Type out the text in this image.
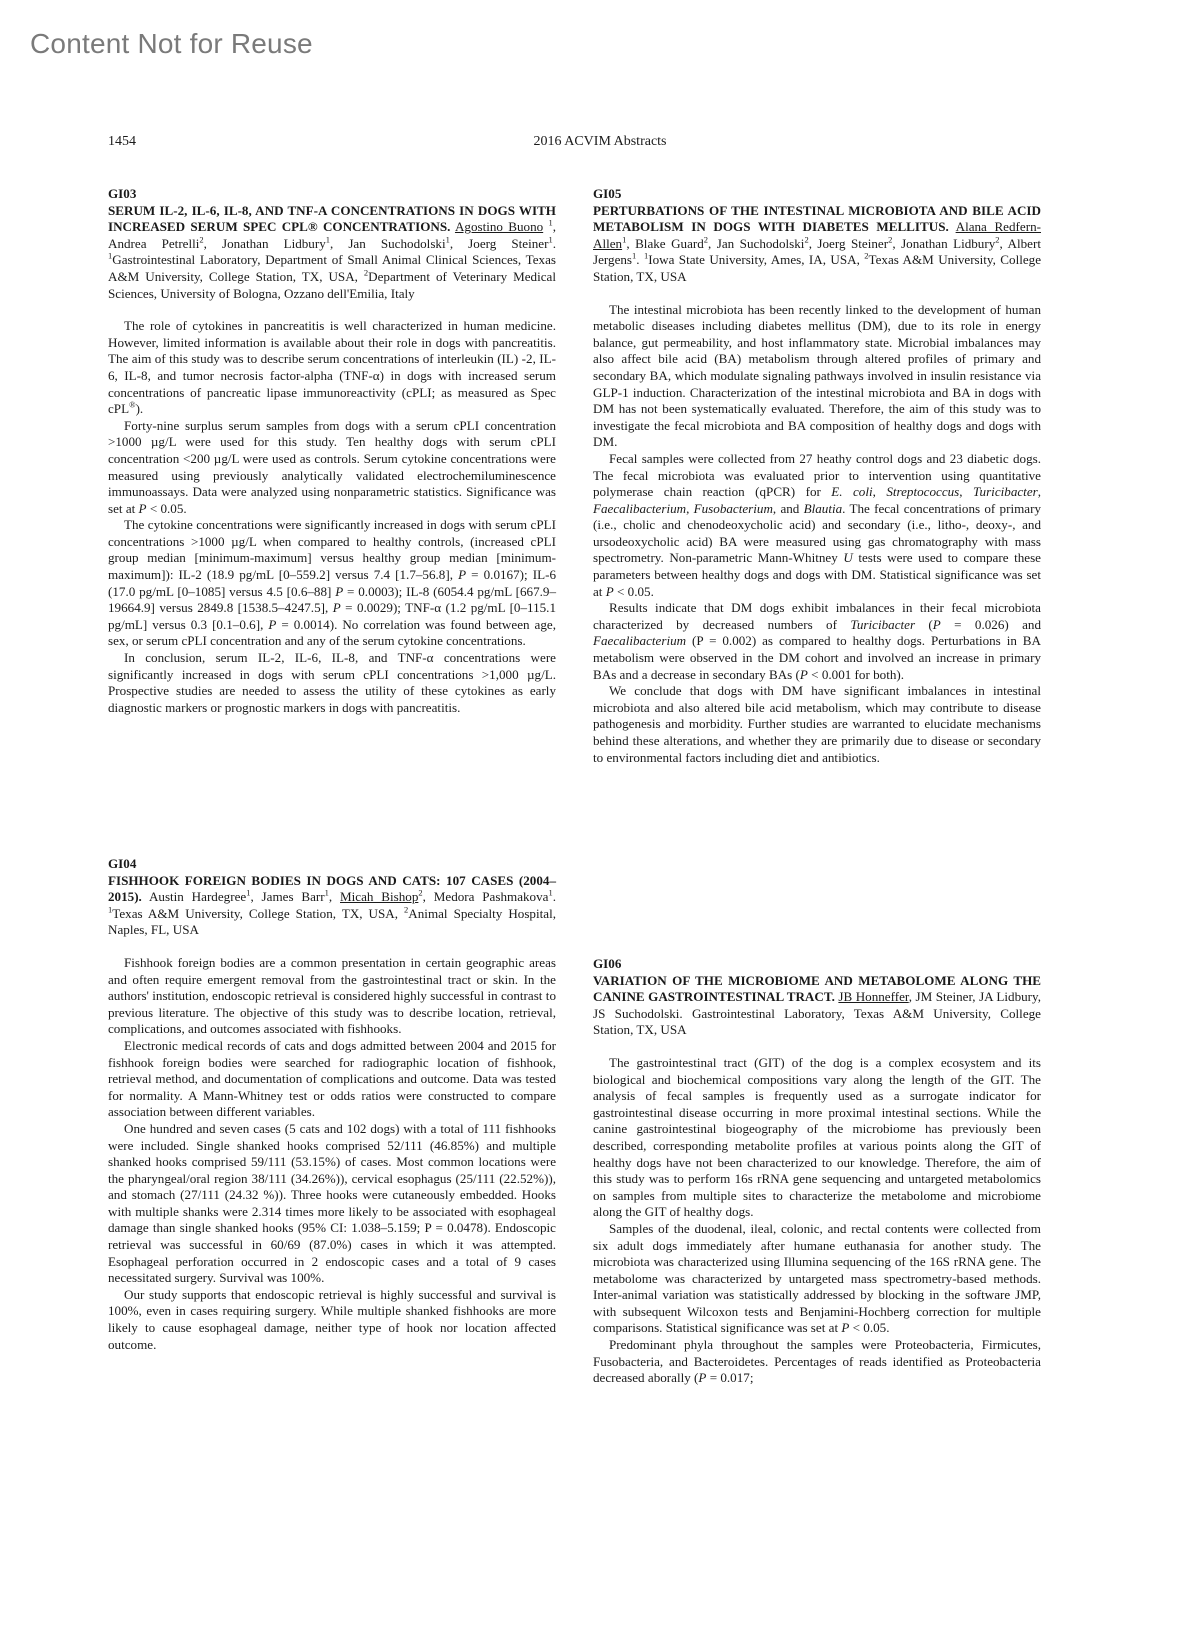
Content Not for Reuse
1454	2016 ACVIM Abstracts
GI03
SERUM IL-2, IL-6, IL-8, AND TNF-A CONCENTRATIONS IN DOGS WITH INCREASED SERUM SPEC CPL® CONCENTRATIONS. Agostino Buono $^1$, Andrea Petrelli$^2$, Jonathan Lidbury$^1$, Jan Suchodolski$^1$, Joerg Steiner$^1$. $^1$Gastrointestinal Laboratory, Department of Small Animal Clinical Sciences, Texas A&M University, College Station, TX, USA, $^2$Department of Veterinary Medical Sciences, University of Bologna, Ozzano dell'Emilia, Italy

The role of cytokines in pancreatitis is well characterized in human medicine. However, limited information is available about their role in dogs with pancreatitis. The aim of this study was to describe serum concentrations of interleukin (IL) -2, IL-6, IL-8, and tumor necrosis factor-alpha (TNF-α) in dogs with increased serum concentrations of pancreatic lipase immunoreactivity (cPLI; as measured as Spec cPL®).

Forty-nine surplus serum samples from dogs with a serum cPLI concentration >1000 µg/L were used for this study. Ten healthy dogs with serum cPLI concentration <200 µg/L were used as controls. Serum cytokine concentrations were measured using previously analytically validated electrochemiluminescence immunoassays. Data were analyzed using nonparametric statistics. Significance was set at P < 0.05.

The cytokine concentrations were significantly increased in dogs with serum cPLI concentrations >1000 µg/L when compared to healthy controls, (increased cPLI group median [minimum-maximum] versus healthy group median [minimum-maximum]): IL-2 (18.9 pg/mL [0–559.2] versus 7.4 [1.7–56.8], P = 0.0167); IL-6 (17.0 pg/mL [0–1085] versus 4.5 [0.6–88] P = 0.0003); IL-8 (6054.4 pg/mL [667.9–19664.9] versus 2849.8 [1538.5–4247.5], P = 0.0029); TNF-α (1.2 pg/mL [0–115.1 pg/mL] versus 0.3 [0.1–0.6], P = 0.0014). No correlation was found between age, sex, or serum cPLI concentration and any of the serum cytokine concentrations.

In conclusion, serum IL-2, IL-6, IL-8, and TNF-α concentrations were significantly increased in dogs with serum cPLI concentrations >1,000 µg/L. Prospective studies are needed to assess the utility of these cytokines as early diagnostic markers or prognostic markers in dogs with pancreatitis.

GI04
FISHHOOK FOREIGN BODIES IN DOGS AND CATS: 107 CASES (2004–2015). Austin Hardegree$^1$, James Barr$^1$, Micah Bishop$^2$, Medora Pashmakova$^1$. $^1$Texas A&M University, College Station, TX, USA, $^2$Animal Specialty Hospital, Naples, FL, USA

Fishhook foreign bodies are a common presentation in certain geographic areas and often require emergent removal from the gastrointestinal tract or skin. In the authors' institution, endoscopic retrieval is considered highly successful in contrast to previous literature. The objective of this study was to describe location, retrieval, complications, and outcomes associated with fishhooks.

Electronic medical records of cats and dogs admitted between 2004 and 2015 for fishhook foreign bodies were searched for radiographic location of fishhook, retrieval method, and documentation of complications and outcome. Data was tested for normality. A Mann-Whitney test or odds ratios were constructed to compare association between different variables.

One hundred and seven cases (5 cats and 102 dogs) with a total of 111 fishhooks were included. Single shanked hooks comprised 52/111 (46.85%) and multiple shanked hooks comprised 59/111 (53.15%) of cases. Most common locations were the pharyngeal/oral region 38/111 (34.26%)), cervical esophagus (25/111 (22.52%)), and stomach (27/111 (24.32 %)). Three hooks were cutaneously embedded. Hooks with multiple shanks were 2.314 times more likely to be associated with esophageal damage than single shanked hooks (95% CI: 1.038–5.159; P = 0.0478). Endoscopic retrieval was successful in 60/69 (87.0%) cases in which it was attempted. Esophageal perforation occurred in 2 endoscopic cases and a total of 9 cases necessitated surgery. Survival was 100%.

Our study supports that endoscopic retrieval is highly successful and survival is 100%, even in cases requiring surgery. While multiple shanked fishhooks are more likely to cause esophageal damage, neither type of hook nor location affected outcome.

GI05
PERTURBATIONS OF THE INTESTINAL MICROBIOTA AND BILE ACID METABOLISM IN DOGS WITH DIABETES MELLITUS. Alana Redfern-Allen$^1$, Blake Guard$^2$, Jan Suchodolski$^2$, Joerg Steiner$^2$, Jonathan Lidbury$^2$, Albert Jergens$^1$. $^1$Iowa State University, Ames, IA, USA, $^2$Texas A&M University, College Station, TX, USA

The intestinal microbiota has been recently linked to the development of human metabolic diseases including diabetes mellitus (DM), due to its role in energy balance, gut permeability, and host inflammatory state. Microbial imbalances may also affect bile acid (BA) metabolism through altered profiles of primary and secondary BA, which modulate signaling pathways involved in insulin resistance via GLP-1 induction. Characterization of the intestinal microbiota and BA in dogs with DM has not been systematically evaluated. Therefore, the aim of this study was to investigate the fecal microbiota and BA composition of healthy dogs and dogs with DM.

Fecal samples were collected from 27 heathy control dogs and 23 diabetic dogs. The fecal microbiota was evaluated prior to intervention using quantitative polymerase chain reaction (qPCR) for E. coli, Streptococcus, Turicibacter, Faecalibacterium, Fusobacterium, and Blautia. The fecal concentrations of primary (i.e., cholic and chenodeoxycholic acid) and secondary (i.e., litho-, deoxy-, and ursodeoxycholic acid) BA were measured using gas chromatography with mass spectrometry. Non-parametric Mann-Whitney U tests were used to compare these parameters between healthy dogs and dogs with DM. Statistical significance was set at P < 0.05.

Results indicate that DM dogs exhibit imbalances in their fecal microbiota characterized by decreased numbers of Turicibacter (P = 0.026) and Faecalibacterium (P = 0.002) as compared to healthy dogs. Perturbations in BA metabolism were observed in the DM cohort and involved an increase in primary BAs and a decrease in secondary BAs (P < 0.001 for both).

We conclude that dogs with DM have significant imbalances in intestinal microbiota and also altered bile acid metabolism, which may contribute to disease pathogenesis and morbidity. Further studies are warranted to elucidate mechanisms behind these alterations, and whether they are primarily due to disease or secondary to environmental factors including diet and antibiotics.

GI06
VARIATION OF THE MICROBIOME AND METABOLOME ALONG THE CANINE GASTROINTESTINAL TRACT. JB Honneffer, JM Steiner, JA Lidbury, JS Suchodolski. Gastrointestinal Laboratory, Texas A&M University, College Station, TX, USA

The gastrointestinal tract (GIT) of the dog is a complex ecosystem and its biological and biochemical compositions vary along the length of the GIT. The analysis of fecal samples is frequently used as a surrogate indicator for gastrointestinal disease occurring in more proximal intestinal sections. While the canine gastrointestinal biogeography of the microbiome has previously been described, corresponding metabolite profiles at various points along the GIT of healthy dogs have not been characterized to our knowledge. Therefore, the aim of this study was to perform 16s rRNA gene sequencing and untargeted metabolomics on samples from multiple sites to characterize the metabolome and microbiome along the GIT of healthy dogs.

Samples of the duodenal, ileal, colonic, and rectal contents were collected from six adult dogs immediately after humane euthanasia for another study. The microbiota was characterized using Illumina sequencing of the 16S rRNA gene. The metabolome was characterized by untargeted mass spectrometry-based methods. Inter-animal variation was statistically addressed by blocking in the software JMP, with subsequent Wilcoxon tests and Benjamini-Hochberg correction for multiple comparisons. Statistical significance was set at P < 0.05.

Predominant phyla throughout the samples were Proteobacteria, Firmicutes, Fusobacteria, and Bacteroidetes. Percentages of reads identified as Proteobacteria decreased aborally (P = 0.017;
